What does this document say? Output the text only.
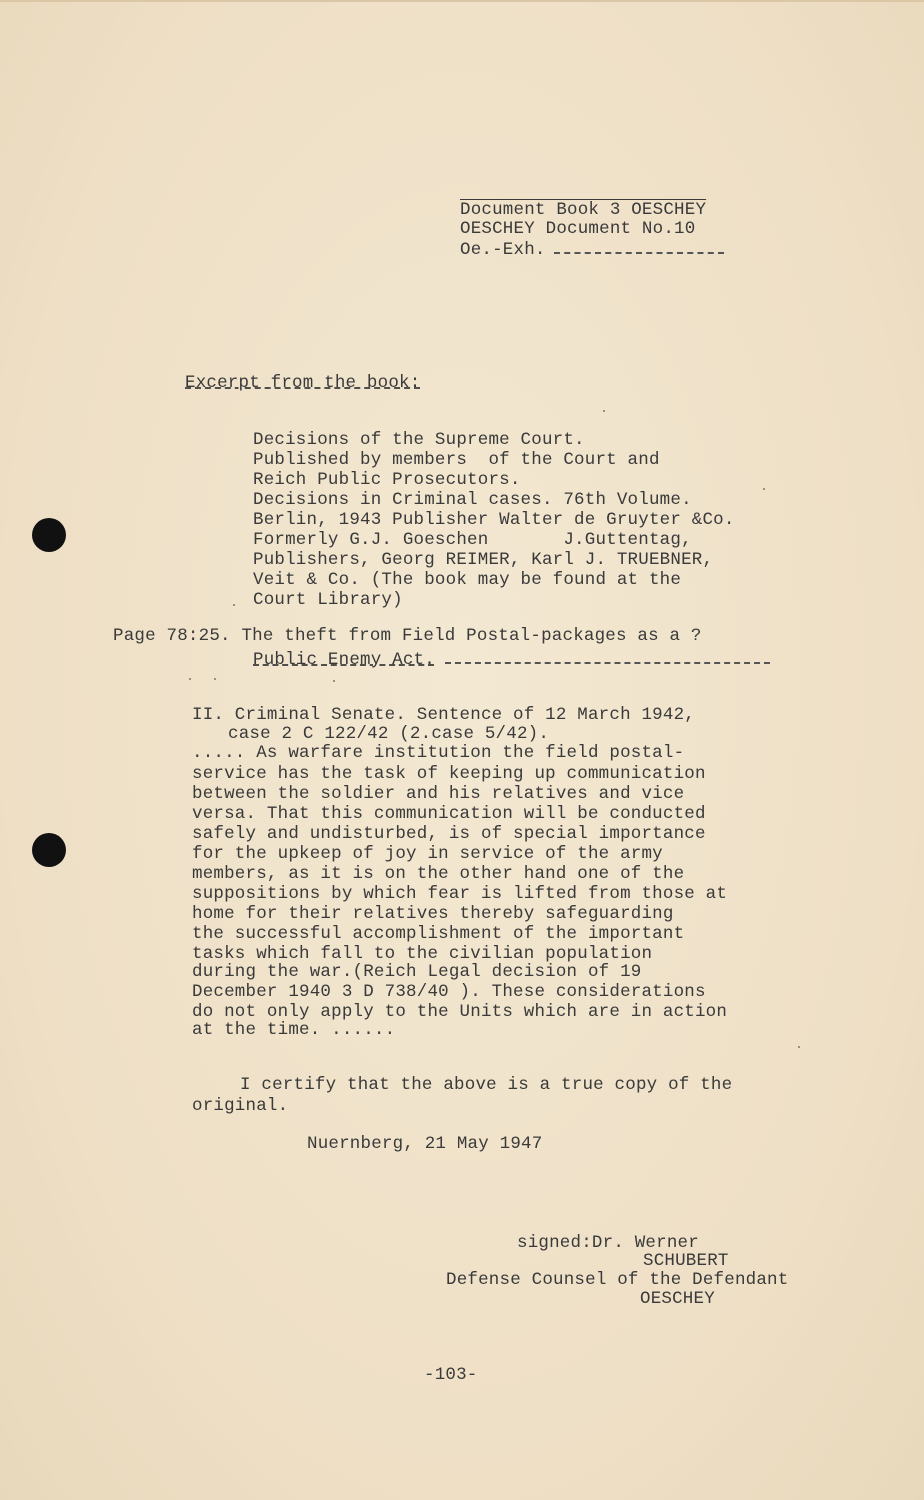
Document Book 3 OESCHEY
OESCHEY Document No.10
Oe.-Exh.
Excerpt from the book:
Decisions of the Supreme Court.
Published by members  of the Court and
Reich Public Prosecutors.
Decisions in Criminal cases. 76th Volume.
Berlin, 1943 Publisher Walter de Gruyter &Co.
Formerly G.J. Goeschen       J.Guttentag,
Publishers, Georg REIMER, Karl J. TRUEBNER,
Veit & Co. (The book may be found at the
Court Library)
Page 78:25. The theft from Field Postal-packages as a ?
Public Enemy Act.
II. Criminal Senate. Sentence of 12 March 1942,
case 2 C 122/42 (2.case 5/42).
..... As warfare institution the field postal-
service has the task of keeping up communication
between the soldier and his relatives and vice
versa. That this communication will be conducted
safely and undisturbed, is of special importance
for the upkeep of joy in service of the army
members, as it is on the other hand one of the
suppositions by which fear is lifted from those at
home for their relatives thereby safeguarding
the successful accomplishment of the important
tasks which fall to the civilian population
during the war.(Reich Legal decision of 19
December 1940 3 D 738/40 ). These considerations
do not only apply to the Units which are in action
at the time. ......
I certify that the above is a true copy of the
original.
Nuernberg, 21 May 1947
signed:Dr. Werner
SCHUBERT
Defense Counsel of the Defendant
OESCHEY
-103-
